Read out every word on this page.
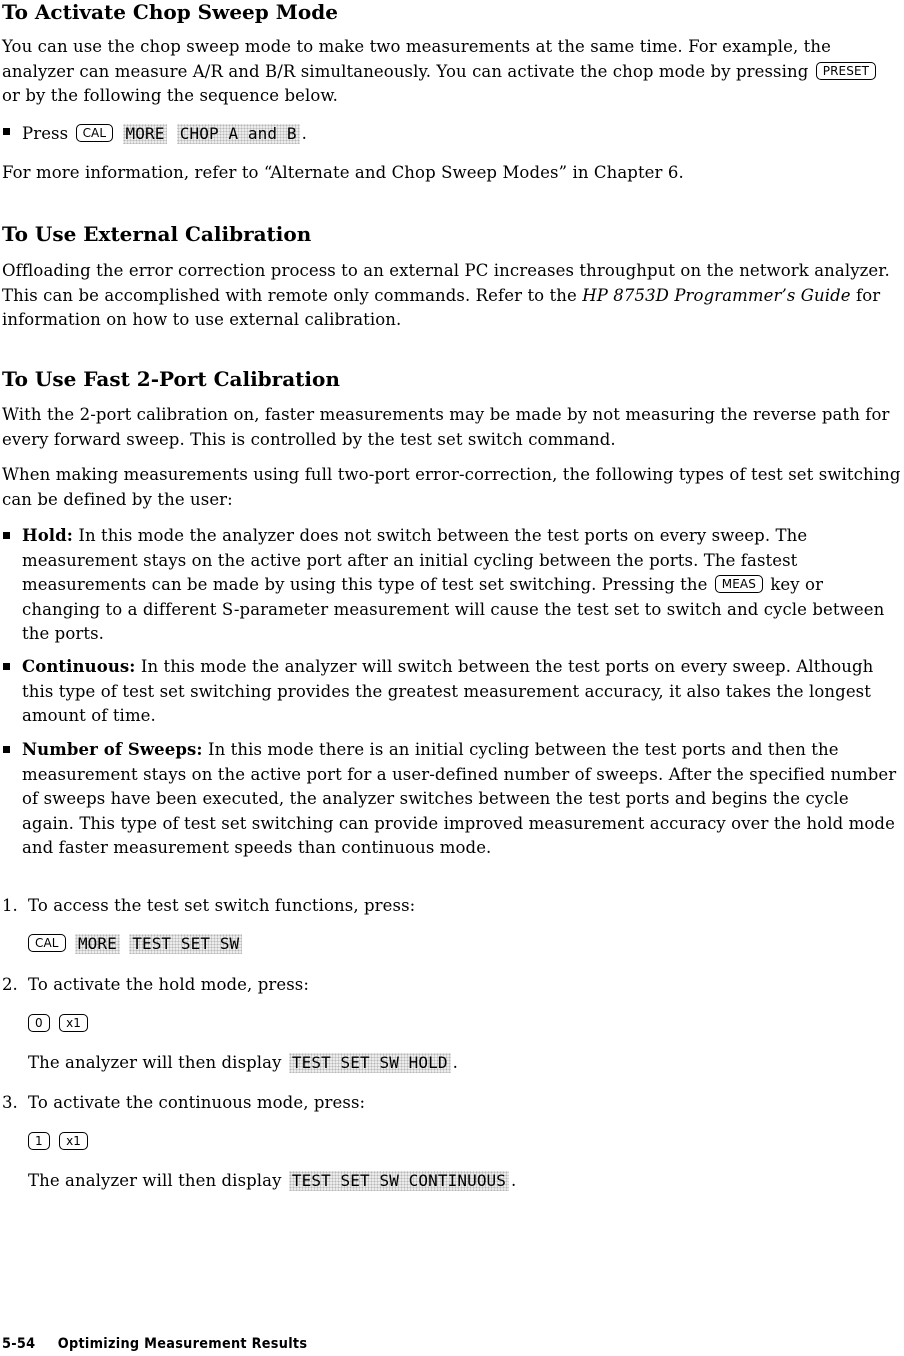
To Activate Chop Sweep Mode

You can use the chop sweep mode to make two measurements at the same time. For example, the analyzer can measure A/R and B/R simultaneously. You can activate the chop mode by pressing PRESET or by the following the sequence below.

Press CAL MORE CHOP A and B .

For more information, refer to “Alternate and Chop Sweep Modes” in Chapter 6.

To Use External Calibration

Offloading the error correction process to an external PC increases throughput on the network analyzer. This can be accomplished with remote only commands. Refer to the HP 8753D Programmer’s Guide for information on how to use external calibration.

To Use Fast 2-Port Calibration

With the 2-port calibration on, faster measurements may be made by not measuring the reverse path for every forward sweep. This is controlled by the test set switch command.

When making measurements using full two-port error-correction, the following types of test set switching can be defined by the user:

Hold: In this mode the analyzer does not switch between the test ports on every sweep. The measurement stays on the active port after an initial cycling between the ports. The fastest measurements can be made by using this type of test set switching. Pressing the MEAS key or changing to a different S-parameter measurement will cause the test set to switch and cycle between the ports.

Continuous: In this mode the analyzer will switch between the test ports on every sweep. Although this type of test set switching provides the greatest measurement accuracy, it also takes the longest amount of time.

Number of Sweeps: In this mode there is an initial cycling between the test ports and then the measurement stays on the active port for a user-defined number of sweeps. After the specified number of sweeps have been executed, the analyzer switches between the test ports and begins the cycle again. This type of test set switching can provide improved measurement accuracy over the hold mode and faster measurement speeds than continuous mode.

1. To access the test set switch functions, press:

CAL MORE TEST SET SW

2. To activate the hold mode, press:

0 x1

The analyzer will then display TEST SET SW HOLD .

3. To activate the continuous mode, press:

1 x1

The analyzer will then display TEST SET SW CONTINUOUS .

5-54 Optimizing Measurement Results
